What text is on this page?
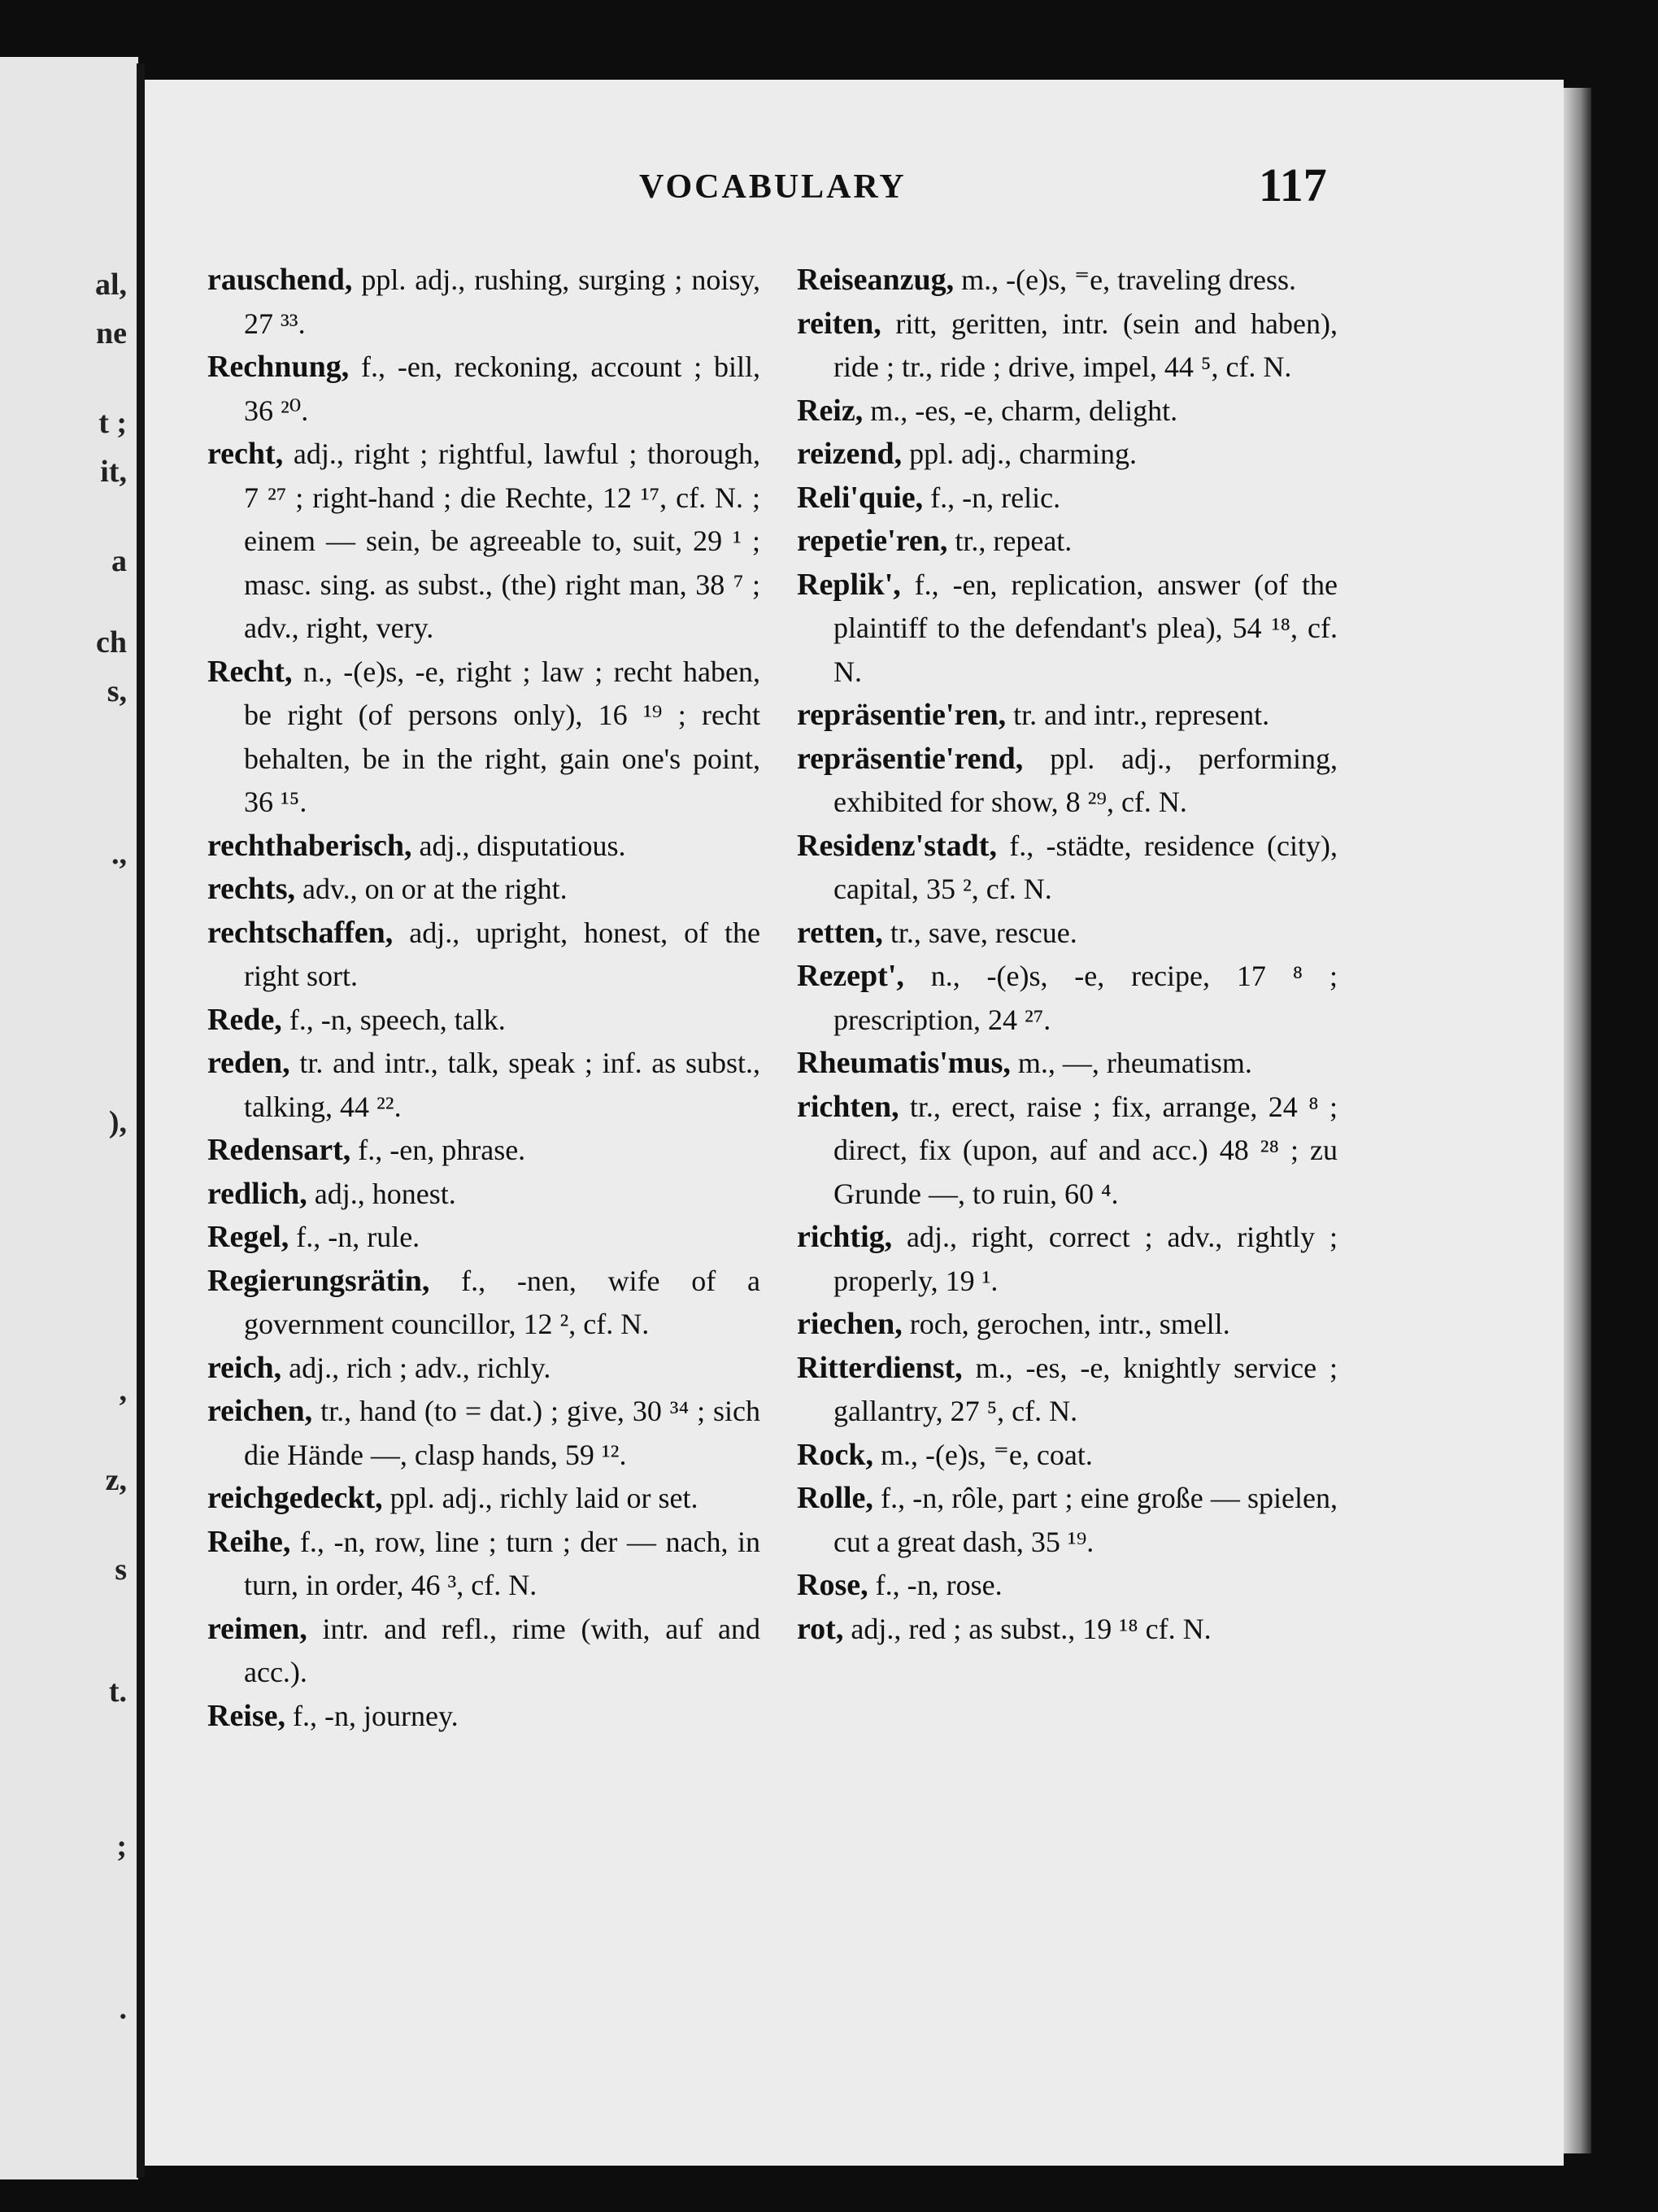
al,
ne
t ;
it,
a
ch
s,
.,
),
,
z,
s
t.
;
.
VOCABULARY	117

rauschend, ppl. adj., rushing, surging ; noisy, 27 ³³.

Rechnung, f., -en, reckoning, account ; bill, 36 ²⁰.

recht, adj., right ; rightful, lawful ; thorough, 7 ²⁷ ; right-hand ; die Rechte, 12 ¹⁷, cf. N. ; einem — sein, be agreeable to, suit, 29 ¹ ; masc. sing. as subst., (the) right man, 38 ⁷ ; adv., right, very.

Recht, n., -(e)s, -e, right ; law ; recht haben, be right (of persons only), 16 ¹⁹ ; recht behalten, be in the right, gain one's point, 36 ¹⁵.

rechthaberisch, adj., disputatious.

rechts, adv., on or at the right.

rechtschaffen, adj., upright, honest, of the right sort.

Rede, f., -n, speech, talk.

reden, tr. and intr., talk, speak ; inf. as subst., talking, 44 ²².

Redensart, f., -en, phrase.

redlich, adj., honest.

Regel, f., -n, rule.

Regierungsrätin, f., -nen, wife of a government councillor, 12 ², cf. N.

reich, adj., rich ; adv., richly.

reichen, tr., hand (to = dat.) ; give, 30 ³⁴ ; sich die Hände —, clasp hands, 59 ¹².

reichgedeckt, ppl. adj., richly laid or set.

Reihe, f., -n, row, line ; turn ; der — nach, in turn, in order, 46 ³, cf. N.

reimen, intr. and refl., rime (with, auf and acc.).

Reise, f., -n, journey.

Reiseanzug, m., -(e)s, ⁼e, traveling dress.

reiten, ritt, geritten, intr. (sein and haben), ride ; tr., ride ; drive, impel, 44 ⁵, cf. N.

Reiz, m., -es, -e, charm, delight.

reizend, ppl. adj., charming.

Reli'quie, f., -n, relic.

repetie'ren, tr., repeat.

Replik', f., -en, replication, answer (of the plaintiff to the defendant's plea), 54 ¹⁸, cf. N.

repräsentie'ren, tr. and intr., represent.

repräsentie'rend, ppl. adj., performing, exhibited for show, 8 ²⁹, cf. N.

Residenz'stadt, f., -städte, residence (city), capital, 35 ², cf. N.

retten, tr., save, rescue.

Rezept', n., -(e)s, -e, recipe, 17 ⁸ ; prescription, 24 ²⁷.

Rheumatis'mus, m., —, rheumatism.

richten, tr., erect, raise ; fix, arrange, 24 ⁸ ; direct, fix (upon, auf and acc.) 48 ²⁸ ; zu Grunde —, to ruin, 60 ⁴.

richtig, adj., right, correct ; adv., rightly ; properly, 19 ¹.

riechen, roch, gerochen, intr., smell.

Ritterdienst, m., -es, -e, knightly service ; gallantry, 27 ⁵, cf. N.

Rock, m., -(e)s, ⁼e, coat.

Rolle, f., -n, rôle, part ; eine große — spielen, cut a great dash, 35 ¹⁹.

Rose, f., -n, rose.

rot, adj., red ; as subst., 19 ¹⁸ cf. N.
